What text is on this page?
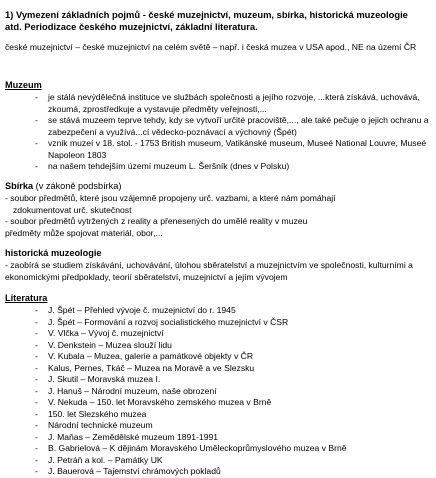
1) Vymezení základních pojmů - české muzejnictví, muzeum, sbírka, historická muzeologie atd. Periodizace českého muzejnictví, základní literatura.
české muzejnictví – české muzejnictví na celém světě – např. i česká muzea v USA apod., NE na území ČR
Muzeum
- je stálá nevýdělečná instituce ve službách společnosti a jejího rozvoje, ...která získává, uchovává, zkoumá, zprostředkuje a vystavuje předměty veřejnosti,...
- se stává muzeem teprve tehdy, kdy se vytvoří určité pracoviště,..., ale také pečuje o jejich ochranu a zabezpečení a využívá...cí vědecko-poznávací a výchovný (Špét)
- vznik muzeí v 18. stol. - 1753 British museum, Vatikánské museum, Museé National Louvre, Museé Napoleon 1803
- na našem tehdejším území muzeum L. Šeršník (dnes v Polsku)
Sbírka (v zákoně podsbírka)
- soubor předmětů, které jsou vzájemně propojeny urč. vazbami, a které nám pomáhají
zdokumentovat urč. skutečnost
- soubor předmětů vytržených z reality a přenesených do umělé reality v muzeu
předměty může spojovat materiál, obor,...
historická muzeologie
- zaobírá se studiem získávání, uchovávání, úlohou sběratelství a muzejnictvím ve společnosti, kulturními a ekonomickými předpoklady, teorií sběratelství, muzejnictví a jejím vývojem
Literatura
- J. Špét – Přehled vývoje č. muzejnictví do r. 1945
- J. Špét – Formování a rozvoj socialistického muzejnictví v ČSR
- V. Vlčka – Vývoj č. muzejnictví
- V. Denkstein – Muzea slouží lidu
- V. Kubala – Muzea, galerie a památkové objekty v ČR
- Kalus, Pernes, Tkáč – Muzea na Moravě a ve Slezsku
- J. Skutil – Moravská muzea I.
- J. Hanuš – Národní muzeum, naše obrození
- V. Nekuda – 150. let Moravského zemského muzea v Brně
- 150. let Slezského muzea
- Národní technické muzeum
- J. Maňas – Zemědělské muzeum 1891-1991
- B. Gabrielová – K dějinám Moravského Uměleckoprůmyslového muzea v Brně
- J. Petráň a kol. – Památky UK
- J. Bauerová – Tajemství chrámových pokladů
